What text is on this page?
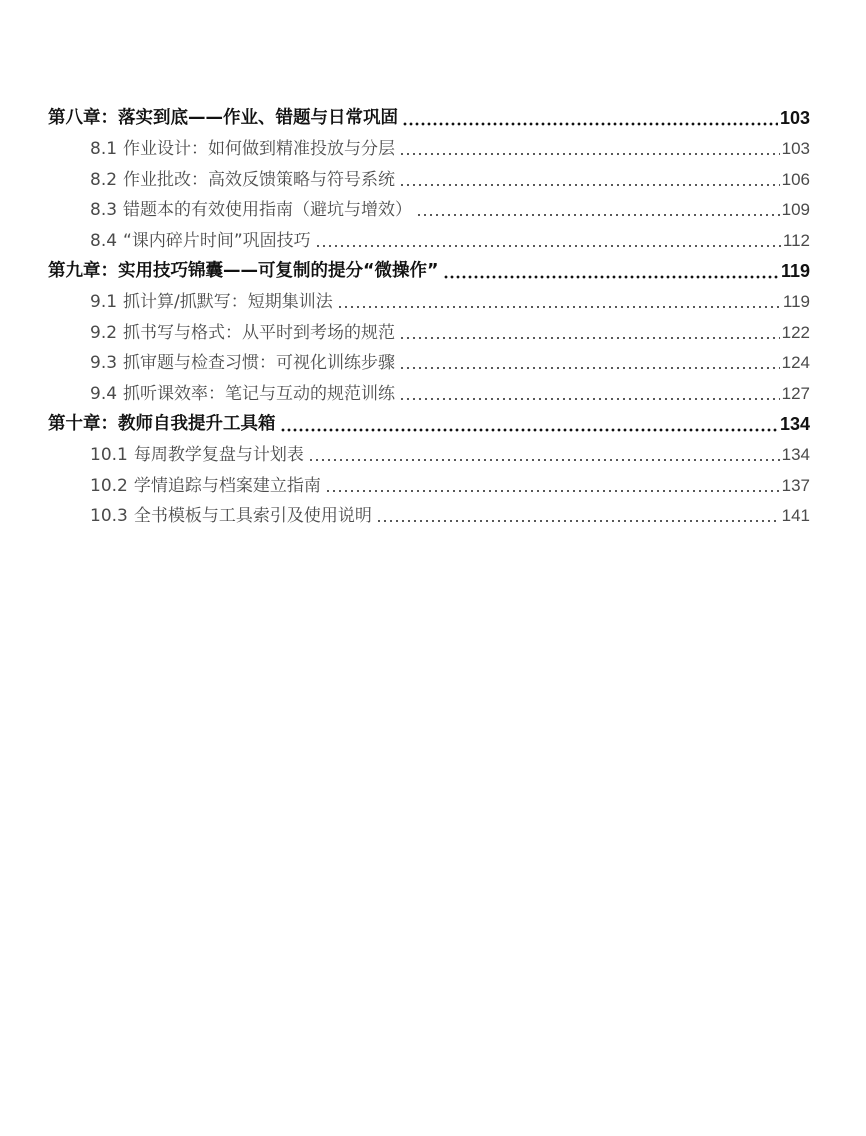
第八章：落实到底——作业、错题与日常巩固	103
8.1 作业设计：如何做到精准投放与分层	103
8.2 作业批改：高效反馈策略与符号系统	106
8.3 错题本的有效使用指南（避坑与增效）	109
8.4 “课内碎片时间”巩固技巧	112
第九章：实用技巧锦囊——可复制的提分“微操作”	119
9.1 抓计算/抓默写：短期集训法	119
9.2 抓书写与格式：从平时到考场的规范	122
9.3 抓审题与检查习惯：可视化训练步骤	124
9.4 抓听课效率：笔记与互动的规范训练	127
第十章：教师自我提升工具箱	134
10.1 每周教学复盘与计划表	134
10.2 学情追踪与档案建立指南	137
10.3 全书模板与工具索引及使用说明	141
